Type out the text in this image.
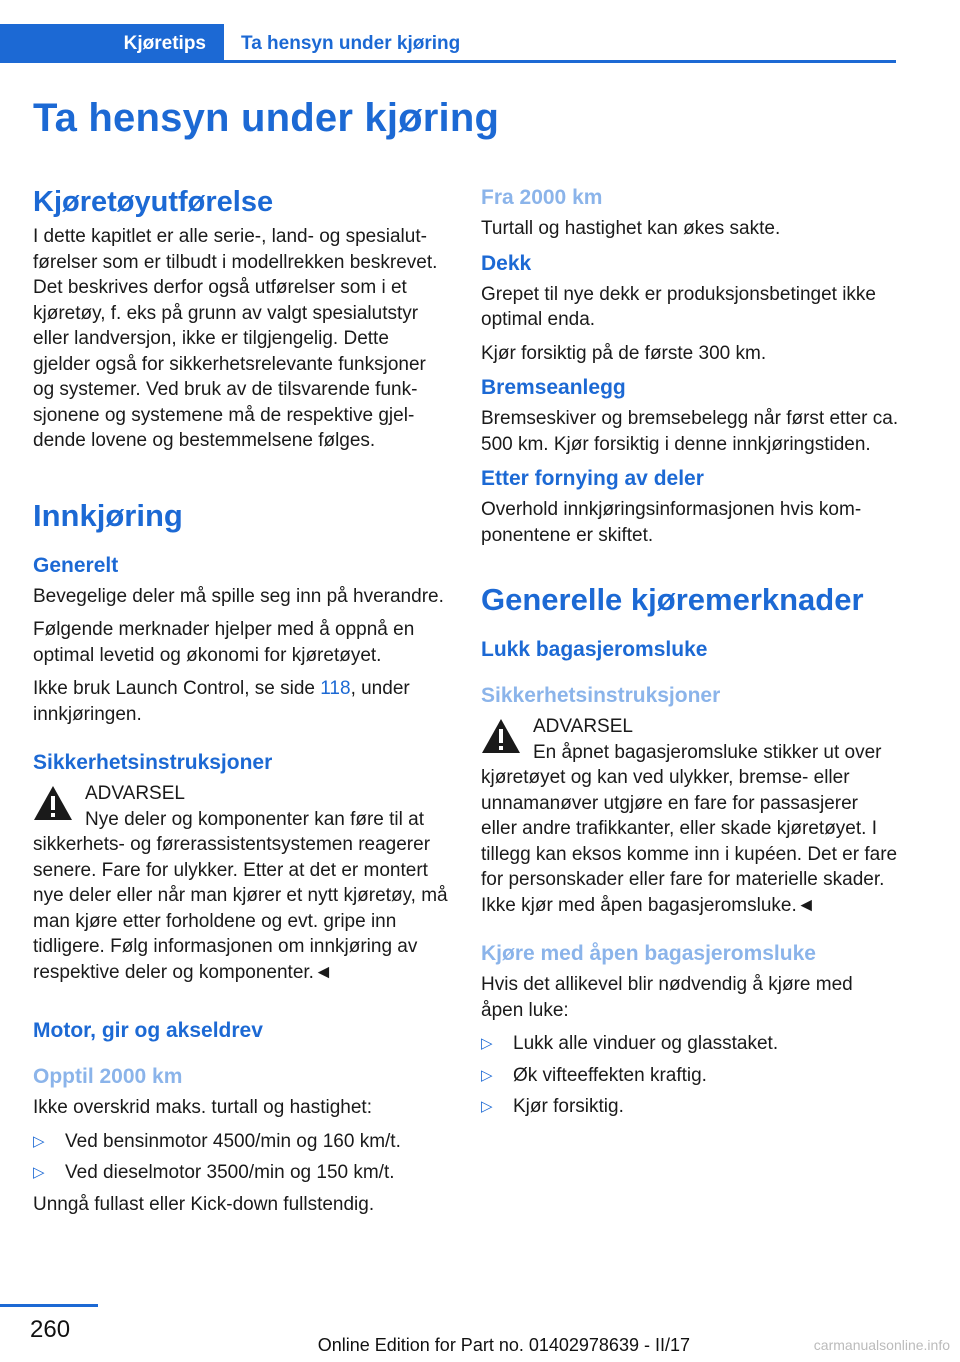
Kjøretips	Ta hensyn under kjøring
Ta hensyn under kjøring
Kjøretøyutførelse

I dette kapitlet er alle serie-, land- og spesialutførelser som er tilbudt i modellrekken beskrevet. Det beskrives derfor også utførelser som i et kjøretøy, f. eks på grunn av valgt spesialutstyr eller landversjon, ikke er tilgjengelig. Dette gjelder også for sikkerhetsrelevante funksjoner og systemer. Ved bruk av de tilsvarende funksjonene og systemene må de respektive gjeldende lovene og bestemmelsene følges.

Innkjøring
Generelt

Bevegelige deler må spille seg inn på hverandre.

Følgende merknader hjelper med å oppnå en optimal levetid og økonomi for kjøretøyet.

Ikke bruk Launch Control, se side 118, under innkjøringen.

Sikkerhetsinstruksjoner

ADVARSEL

Nye deler og komponenter kan føre til at sikkerhets- og førerassistentsystemen reagerer senere. Fare for ulykker. Etter at det er montert nye deler eller når man kjører et nytt kjøretøy, må man kjøre etter forholdene og evt. gripe inn tidligere. Følg informasjonen om innkjøring av respektive deler og komponenter.◄

Motor, gir og akseldrev
Opptil 2000 km

Ikke overskrid maks. turtall og hastighet:

▷ Ved bensinmotor 4500/min og 160 km/t.
▷ Ved dieselmotor 3500/min og 150 km/t.

Unngå fullast eller Kick-down fullstendig.

Fra 2000 km

Turtall og hastighet kan økes sakte.

Dekk

Grepet til nye dekk er produksjonsbetinget ikke optimal enda.

Kjør forsiktig på de første 300 km.

Bremseanlegg

Bremseskiver og bremsebelegg når først etter ca. 500 km. Kjør forsiktig i denne innkjøringstiden.

Etter fornying av deler

Overhold innkjøringsinformasjonen hvis komponentene er skiftet.

Generelle kjøremerknader
Lukk bagasjeromsluke
Sikkerhetsinstruksjoner

ADVARSEL

En åpnet bagasjeromsluke stikker ut over kjøretøyet og kan ved ulykker, bremse- eller unnamanøver utgjøre en fare for passasjerer eller andre trafikkanter, eller skade kjøretøyet. I tillegg kan eksos komme inn i kupéen. Det er fare for personskader eller fare for materielle skader. Ikke kjør med åpen bagasjeromsluke.◄

Kjøre med åpen bagasjeromsluke

Hvis det allikevel blir nødvendig å kjøre med åpen luke:

▷ Lukk alle vinduer og glasstaket.
▷ Øk vifteeffekten kraftig.
▷ Kjør forsiktig.
260
Online Edition for Part no. 01402978639 - II/17	carmanualsonline.info
